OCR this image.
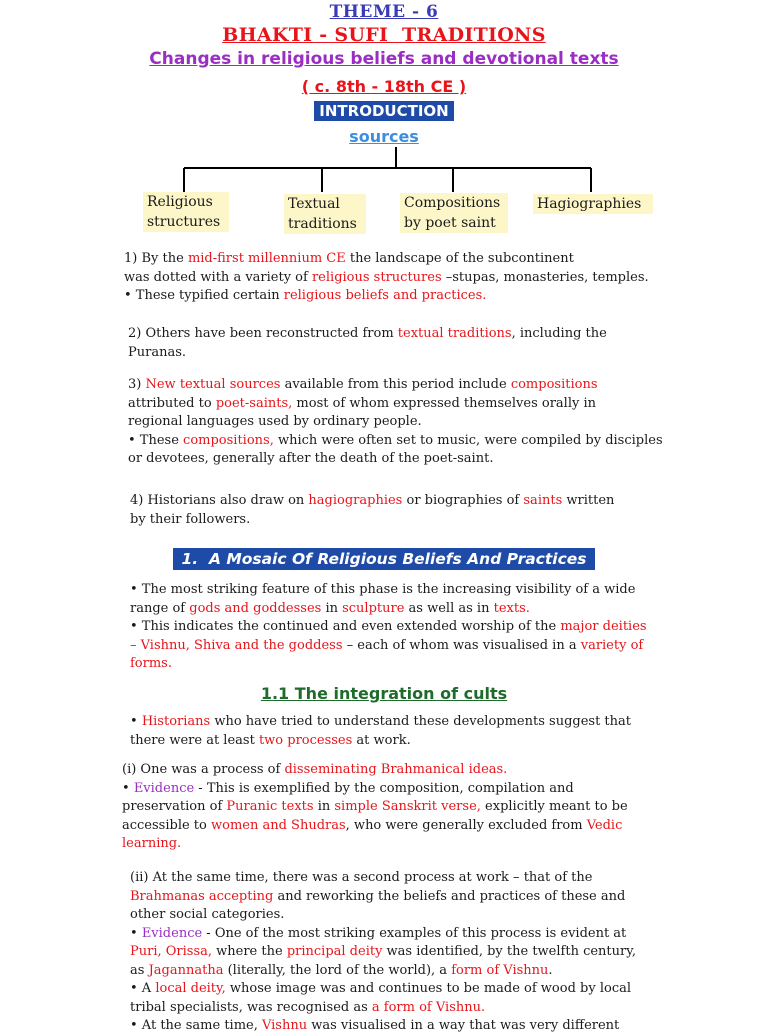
THEME - 6
BHAKTI - SUFI  TRADITIONS
Changes in religious beliefs and devotional texts
( c. 8th - 18th CE )
INTRODUCTION
sources
Religious
structures
Textual
traditions
Compositions
by poet saint
Hagiographies
1) By the mid-first millennium CE the landscape of the subcontinent
was dotted with a variety of religious structures –stupas, monasteries, temples.
• These typified certain religious beliefs and practices.
2) Others have been reconstructed from textual traditions, including the
Puranas.
3) New textual sources available from this period include compositions
attributed to poet-saints, most of whom expressed themselves orally in
regional languages used by ordinary people.
• These compositions, which were often set to music, were compiled by disciples
or devotees, generally after the death of the poet-saint.
4) Historians also draw on hagiographies or biographies of saints written
by their followers.
1.  A Mosaic Of Religious Beliefs And Practices
• The most striking feature of this phase is the increasing visibility of a wide
range of gods and goddesses in sculpture as well as in texts.
• This indicates the continued and even extended worship of the major deities
– Vishnu, Shiva and the goddess – each of whom was visualised in a variety of
forms.
1.1 The integration of cults
• Historians who have tried to understand these developments suggest that
there were at least two processes at work.
(i) One was a process of disseminating Brahmanical ideas.
• Evidence - This is exemplified by the composition, compilation and
preservation of Puranic texts in simple Sanskrit verse, explicitly meant to be
accessible to women and Shudras, who were generally excluded from Vedic
learning.
(ii) At the same time, there was a second process at work – that of the
Brahmanas accepting and reworking the beliefs and practices of these and
other social categories.
• Evidence - One of the most striking examples of this process is evident at
Puri, Orissa, where the principal deity was identified, by the twelfth century,
as Jagannatha (literally, the lord of the world), a form of Vishnu.
• A local deity, whose image was and continues to be made of wood by local
tribal specialists, was recognised as a form of Vishnu.
• At the same time, Vishnu was visualised in a way that was very different
